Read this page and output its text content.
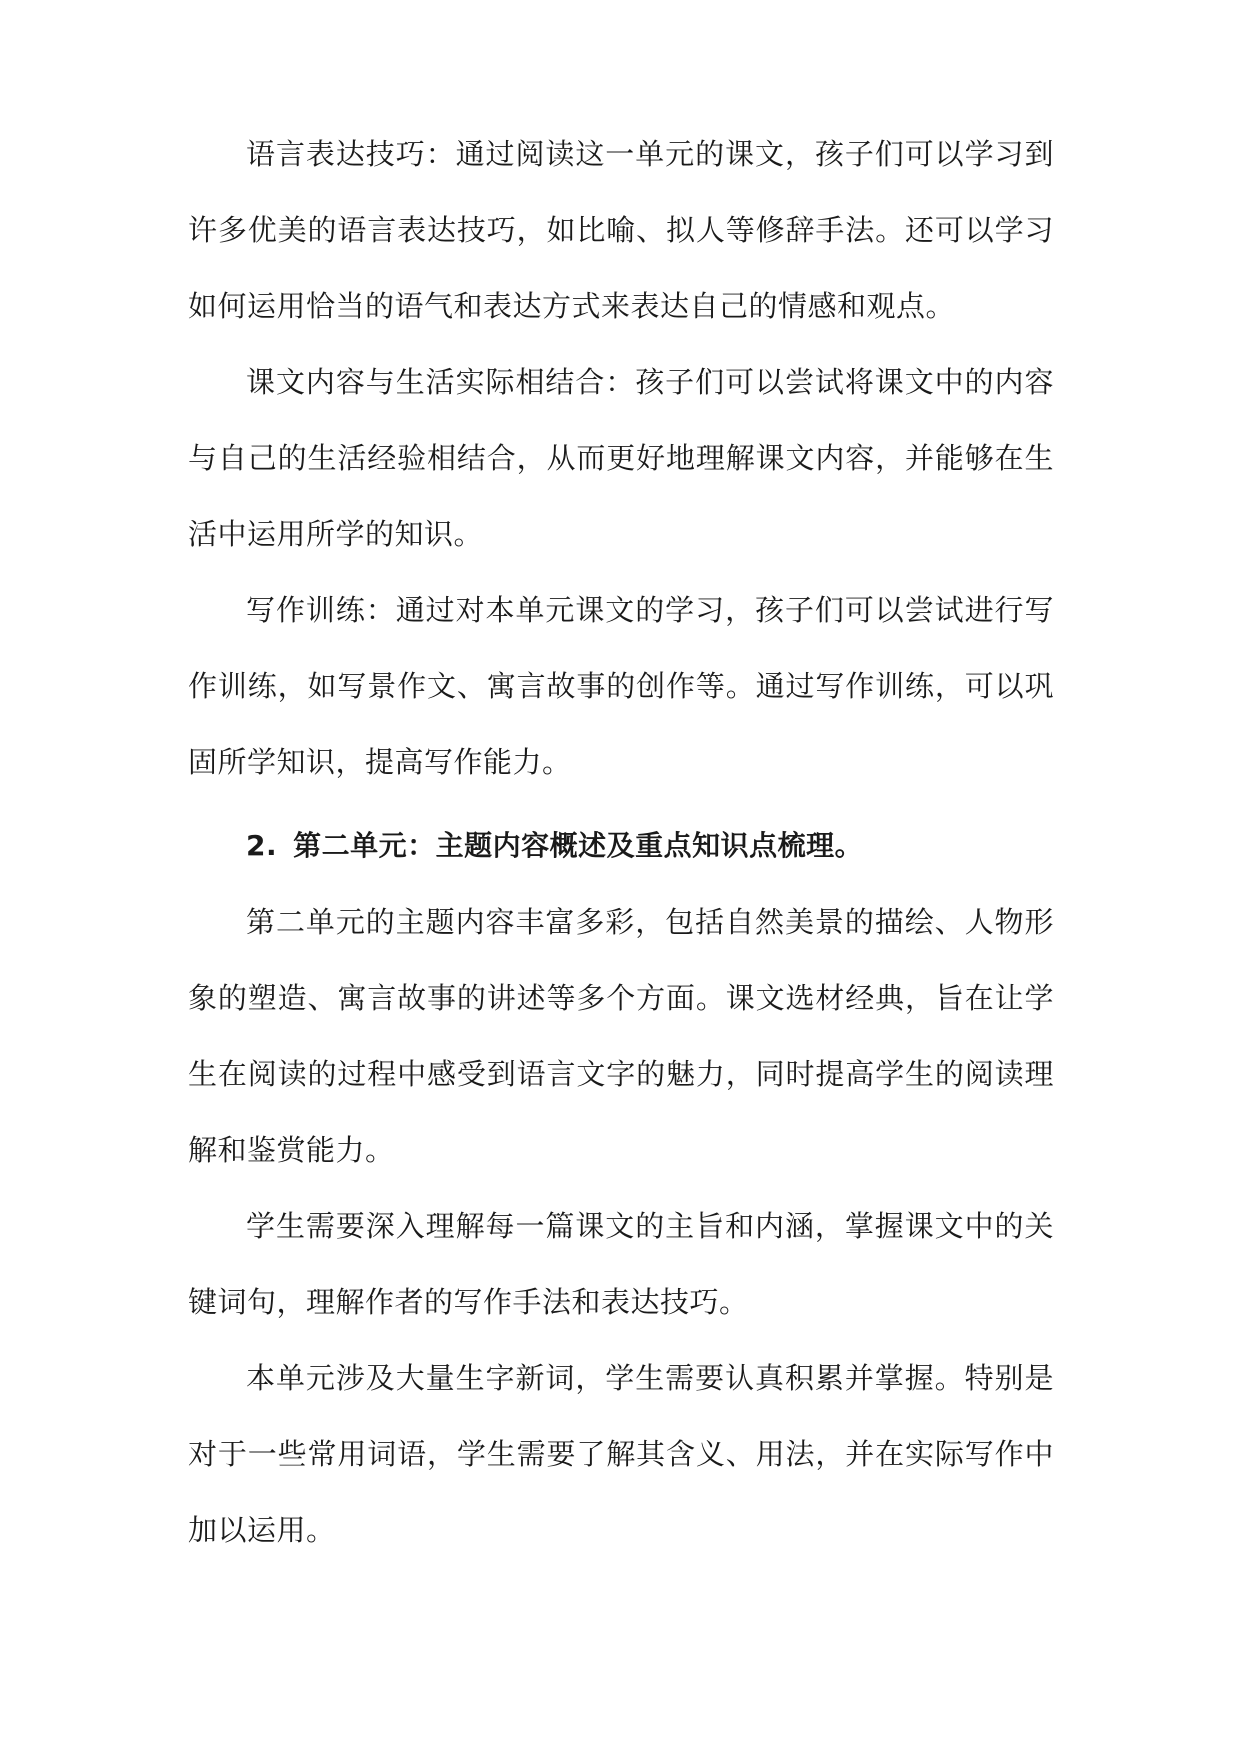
语言表达技巧：通过阅读这一单元的课文，孩子们可以学习到许多优美的语言表达技巧，如比喻、拟人等修辞手法。还可以学习如何运用恰当的语气和表达方式来表达自己的情感和观点。

课文内容与生活实际相结合：孩子们可以尝试将课文中的内容与自己的生活经验相结合，从而更好地理解课文内容，并能够在生活中运用所学的知识。

写作训练：通过对本单元课文的学习，孩子们可以尝试进行写作训练，如写景作文、寓言故事的创作等。通过写作训练，可以巩固所学知识，提高写作能力。

2. 第二单元：主题内容概述及重点知识点梳理。

第二单元的主题内容丰富多彩，包括自然美景的描绘、人物形象的塑造、寓言故事的讲述等多个方面。课文选材经典，旨在让学生在阅读的过程中感受到语言文字的魅力，同时提高学生的阅读理解和鉴赏能力。

学生需要深入理解每一篇课文的主旨和内涵，掌握课文中的关键词句，理解作者的写作手法和表达技巧。

本单元涉及大量生字新词，学生需要认真积累并掌握。特别是对于一些常用词语，学生需要了解其含义、用法，并在实际写作中加以运用。
